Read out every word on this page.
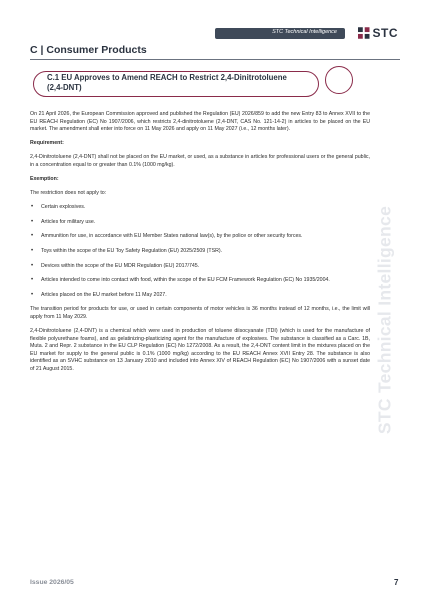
STC Technical Intelligence	STC
C | Consumer Products
C.1 EU Approves to Amend REACH to Restrict 2,4-Dinitrotoluene
(2,4-DNT)
STC Technical Intelligence

On 21 April 2026, the European Commission approved and published the Regulation (EU) 2026/859 to add the new Entry 83 to Annex XVII to the EU REACH Regulation (EC) No 1907/2006, which restricts 2,4-dinitrotoluene (2,4-DNT, CAS No. 121-14-2) in articles to be placed on the EU market. The amendment shall enter into force on 11 May 2026 and apply on 11 May 2027 (i.e., 12 months later).

Requirement:

2,4-Dinitrotoluene (2,4-DNT) shall not be placed on the EU market, or used, as a substance in articles for professional users or the general public, in a concentration equal to or greater than 0.1% (1000 mg/kg).

Exemption:

The restriction does not apply to:

• Certain explosives.
• Articles for military use.
• Ammunition for use, in accordance with EU Member States national law(s), by the police or other security forces.
• Toys within the scope of the EU Toy Safety Regulation (EU) 2025/2509 (TSR).
• Devices within the scope of the EU MDR Regulation (EU) 2017/745.
• Articles intended to come into contact with food, within the scope of the EU FCM Framework Regulation (EC) No 1935/2004.
• Articles placed on the EU market before 11 May 2027.

The transition period for products for use, or used in certain components of motor vehicles is 36 months instead of 12 months, i.e., the limit will apply from 11 May 2029.

2,4-Dinitrotoluene (2,4-DNT) is a chemical which were used in production of toluene diisocyanate (TDI) (which is used for the manufacture of flexible polyurethane foams), and as gelatinizing-plasticizing agent for the manufacture of explosives. The substance is classified as a Carc. 1B, Muta. 2 and Repr. 2 substance in the EU CLP Regulation (EC) No 1272/2008. As a result, the 2,4-DNT content limit in the mixtures placed on the EU market for supply to the general public is 0.1% (1000 mg/kg) according to the EU REACH Annex XVII Entry 28. The substance is also identified as an SVHC substance on 13 January 2010 and included into Annex XIV of REACH Regulation (EC) No 1907/2006 with a sunset date of 21 August 2015.

Issue 2026/05	7
